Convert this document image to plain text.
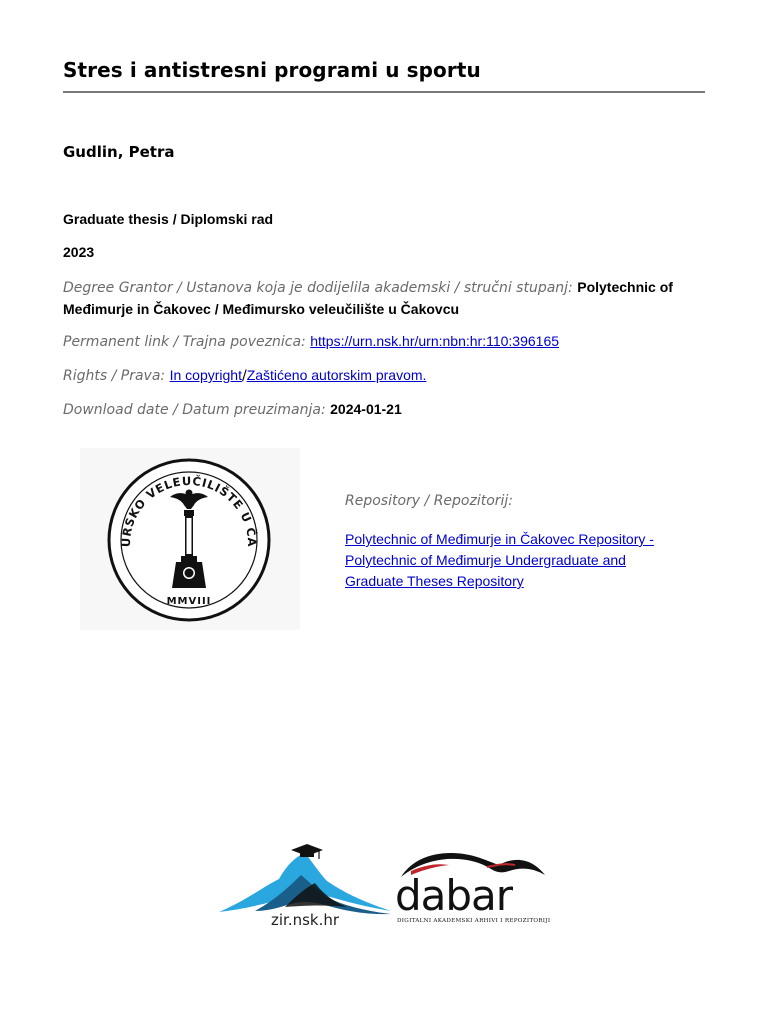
Stres i antistresni programi u sportu
Gudlin, Petra
Graduate thesis / Diplomski rad
2023
Degree Grantor / Ustanova koja je dodijelila akademski / stručni stupanj: Polytechnic of Međimurje in Čakovec / Međimursko veleučilište u Čakovcu
Permanent link / Trajna poveznica: https://urn.nsk.hr/urn:nbn:hr:110:396165
Rights / Prava: In copyright/Zaštićeno autorskim pravom.
Download date / Datum preuzimanja: 2024-01-21
URSKO VELEUČILIŠTE U ČA
MMVIII
Repository / Repozitorij:
Polytechnic of Međimurje in Čakovec Repository - Polytechnic of Međimurje Undergraduate and Graduate Theses Repository
zir.nsk.hr dabar
DIGITALNI AKADEMSKI ARHIVI I REPOZITORIJI
